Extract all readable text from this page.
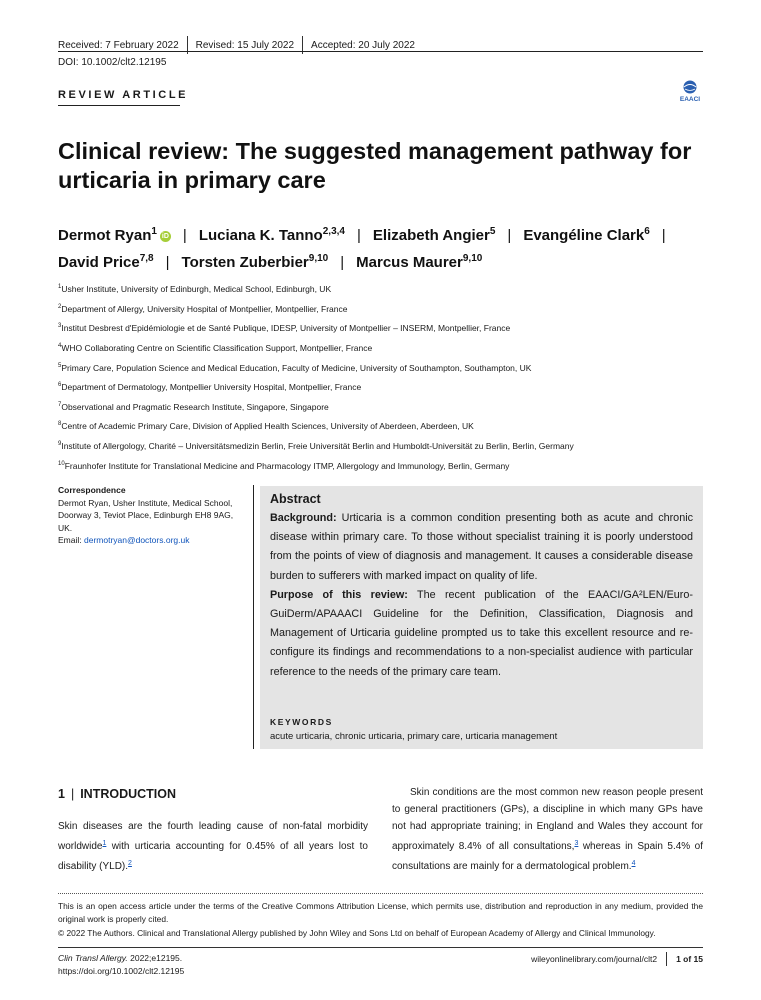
Received: 7 February 2022	Revised: 15 July 2022	Accepted: 20 July 2022
DOI: 10.1002/clt2.12195
REVIEW ARTICLE	EAACI
Clinical review: The suggested management pathway for urticaria in primary care
Dermot Ryan$^1$ iD | Luciana K. Tanno$^{2,3,4}$ | Elizabeth Angier$^5$ | Evangéline Clark$^6$ |
David Price$^{7,8}$ | Torsten Zuberbier$^{9,10}$ | Marcus Maurer$^{9,10}$
$^1$Usher Institute, University of Edinburgh, Medical School, Edinburgh, UK
$^2$Department of Allergy, University Hospital of Montpellier, Montpellier, France
$^3$Institut Desbrest d'Epidémiologie et de Santé Publique, IDESP, University of Montpellier – INSERM, Montpellier, France
$^4$WHO Collaborating Centre on Scientific Classification Support, Montpellier, France
$^5$Primary Care, Population Science and Medical Education, Faculty of Medicine, University of Southampton, Southampton, UK
$^6$Department of Dermatology, Montpellier University Hospital, Montpellier, France
$^7$Observational and Pragmatic Research Institute, Singapore, Singapore
$^8$Centre of Academic Primary Care, Division of Applied Health Sciences, University of Aberdeen, Aberdeen, UK
$^9$Institute of Allergology, Charité – Universitätsmedizin Berlin, Freie Universität Berlin and Humboldt-Universität zu Berlin, Berlin, Germany
$^{10}$Fraunhofer Institute for Translational Medicine and Pharmacology ITMP, Allergology and Immunology, Berlin, Germany
Correspondence
Dermot Ryan, Usher Institute, Medical School, Doorway 3, Teviot Place, Edinburgh EH8 9AG, UK.
Email: dermotryan@doctors.org.uk
Abstract
Background: Urticaria is a common condition presenting both as acute and chronic disease within primary care. To those without specialist training it is poorly understood from the points of view of diagnosis and management. It causes a considerable disease burden to sufferers with marked impact on quality of life.
Purpose of this review: The recent publication of the EAACI/GA²LEN/Euro-GuiDerm/APAAACI Guideline for the Definition, Classification, Diagnosis and Management of Urticaria guideline prompted us to take this excellent resource and re-configure its findings and recommendations to a non-specialist audience with particular reference to the needs of the primary care team.
KEYWORDS
acute urticaria, chronic urticaria, primary care, urticaria management
1 | INTRODUCTION

Skin diseases are the fourth leading cause of non-fatal morbidity worldwide$^1$ with urticaria accounting for 0.45% of all years lost to disability (YLD).$^2$

Skin conditions are the most common new reason people present to general practitioners (GPs), a discipline in which many GPs have not had appropriate training; in England and Wales they account for approximately 8.4% of all consultations,$^3$ whereas in Spain 5.4% of consultations are mainly for a dermatological problem.$^4$

This is an open access article under the terms of the Creative Commons Attribution License, which permits use, distribution and reproduction in any medium, provided the original work is properly cited.
© 2022 The Authors. Clinical and Translational Allergy published by John Wiley and Sons Ltd on behalf of European Academy of Allergy and Clinical Immunology.
Clin Transl Allergy. 2022;e12195.
https://doi.org/10.1002/clt2.12195
wileyonlinelibrary.com/journal/clt2 1 of 15
